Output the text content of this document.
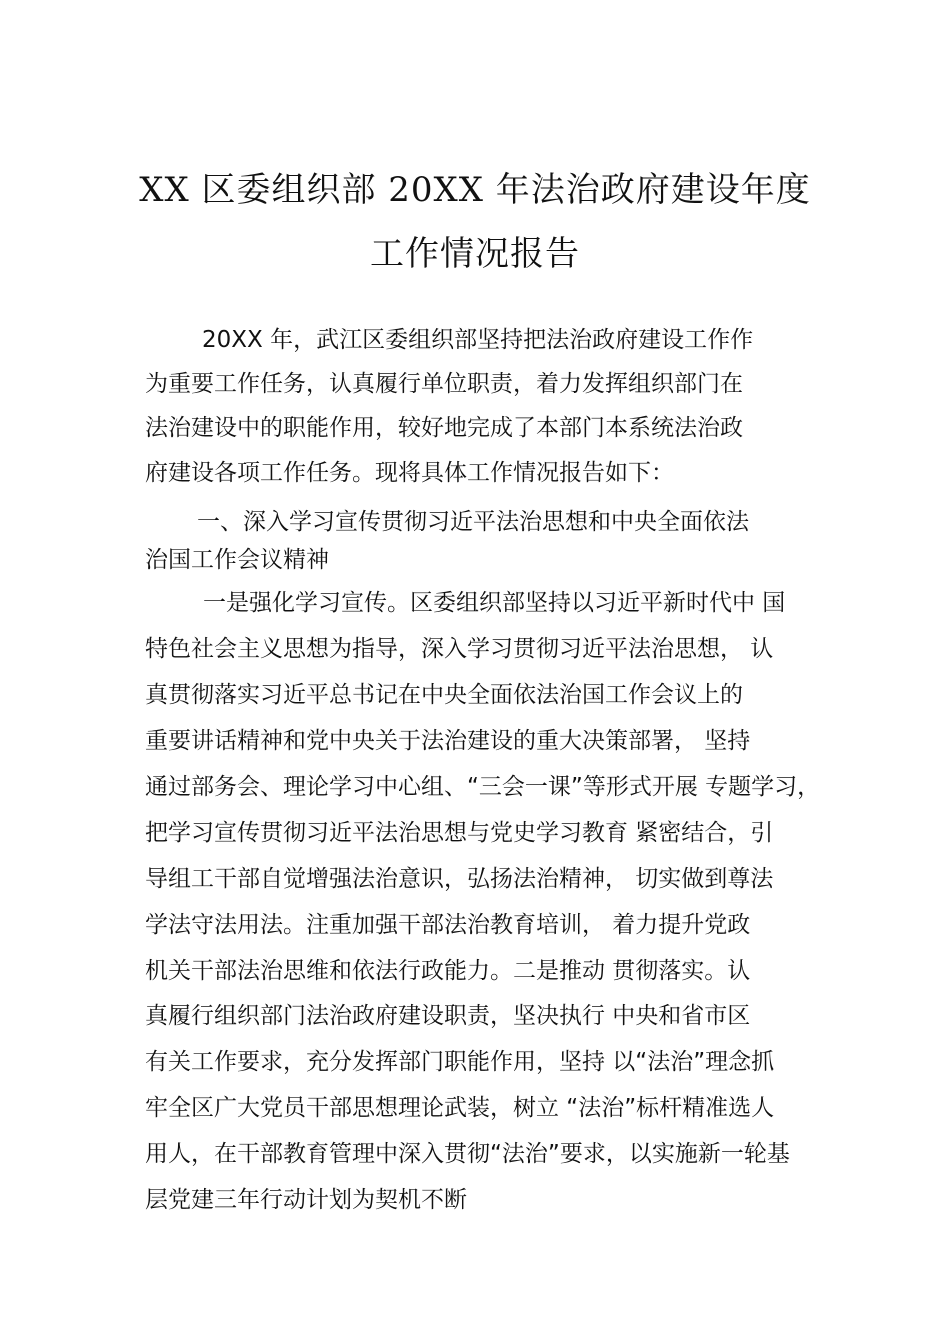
XX 区委组织部 20XX 年法治政府建设年度
工作情况报告
20XX 年，武江区委组织部坚持把法治政府建设工作作
为重要工作任务，认真履行单位职责，着力发挥组织部门在
法治建设中的职能作用，较好地完成了本部门本系统法治政
府建设各项工作任务。现将具体工作情况报告如下：
一、深入学习宣传贯彻习近平法治思想和中央全面依法
治国工作会议精神
一是强化学习宣传。区委组织部坚持以习近平新时代中 国
特色社会主义思想为指导，深入学习贯彻习近平法治思想， 认
真贯彻落实习近平总书记在中央全面依法治国工作会议上的
重要讲话精神和党中央关于法治建设的重大决策部署， 坚持
通过部务会、理论学习中心组、“三会一课”等形式开展 专题学习，
把学习宣传贯彻习近平法治思想与党史学习教育 紧密结合，引
导组工干部自觉增强法治意识，弘扬法治精神， 切实做到尊法
学法守法用法。注重加强干部法治教育培训， 着力提升党政
机关干部法治思维和依法行政能力。二是推动 贯彻落实。认
真履行组织部门法治政府建设职责，坚决执行 中央和省市区
有关工作要求，充分发挥部门职能作用，坚持 以“法治”理念抓
牢全区广大党员干部思想理论武装，树立 “法治”标杆精准选人
用人，在干部教育管理中深入贯彻“法治”要求，以实施新一轮基
层党建三年行动计划为契机不断
